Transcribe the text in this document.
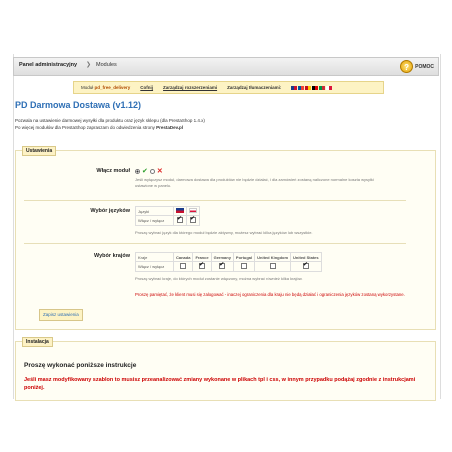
Panel administracyjny ❯ Modules	?	POMOC
Moduł pd_free_delivery Cofnij Zarządzaj rozszerzeniami Zarządzaj tłumaczeniami:
PD Darmowa Dostawa (v1.12)
Pozwala na ustawienie darmowej wysyłki dla produktu oraz język sklepu (dla PrestaShop 1.4.x)
Po więcej modułów dla PrestaShop zapraszam do odwiedzenia strony PrestaDev.pl
Ustawienia
Włącz moduł ✔ ✕
Jeśli wyłączysz moduł, darmowa dostawa dla produktów nie będzie działać, i dla zamówień zostaną naliczone normalne koszta wysyłki ustawione w panelu.
Wybór języków Języki		
Włącz / wyłącz	✔	✔
Proszę wybrać język dla którego moduł będzie aktywny, możesz wybrać kilka języków lub wszystkie.
Wybór krajów Kraje	Canada	France	Germany	Portugal	United Kingdom	United States
Włącz / wyłącz		✔	✔			✔
Proszę wybrać kraje, do których moduł zostanie włączony, można wybrać również kilka krajów.
Proszę pamiętać, że klient musi się zalogować - inaczej ograniczenia dla kraju nie będą działać i ograniczenia języków zostaną wykorzystane.
Zapisz ustawienia
Instalacja
Proszę wykonać poniższe instrukcje
Jeśli masz modyfikowany szablon to musisz przeanalizować zmiany wykonane w plikach tpl i css, w innym przypadku podążaj zgodnie z instrukcjami poniżej.
